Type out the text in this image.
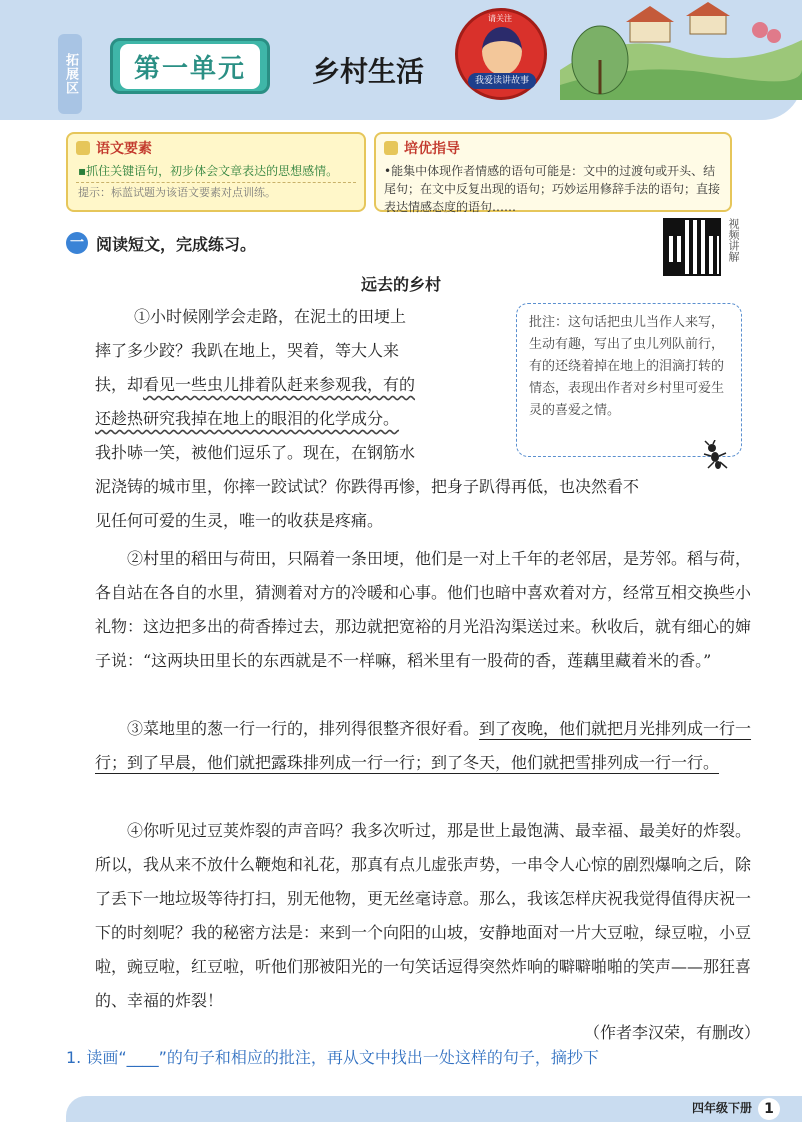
拓展区	第一单元	乡村生活
请关注
我爱读讲故事
语文要素
▪抓住关键语句，初步体会文章表达的思想感情。
提示：标蓝试题为该语文要素对点训练。
培优指导
•能集中体现作者情感的语句可能是：文中的过渡句或开头、结尾句；在文中反复出现的语句；巧妙运用修辞手法的语句；直接表达情感态度的语句……
一 阅读短文，完成练习。	视频讲解
远去的乡村
①小时候刚学会走路，在泥土的田埂上
摔了多少跤？我趴在地上，哭着，等大人来
扶，却看见一些虫儿排着队赶来参观我，有的
还趁热研究我掉在地上的眼泪的化学成分。
我扑哧一笑，被他们逗乐了。现在，在钢筋水
泥浇铸的城市里，你摔一跤试试？你跌得再惨，把身子趴得再低，也决然看不
见任何可爱的生灵，唯一的收获是疼痛。
批注：这句话把虫儿当作人来写，生动有趣，写出了虫儿列队前行，有的还绕着掉在地上的泪滴打转的情态，表现出作者对乡村里可爱生灵的喜爱之情。
②村里的稻田与荷田，只隔着一条田埂，他们是一对上千年的老邻居，是芳邻。稻与荷，各自站在各自的水里，猜测着对方的冷暖和心事。他们也暗中喜欢着对方，经常互相交换些小礼物：这边把多出的荷香捧过去，那边就把宽裕的月光沿沟渠送过来。秋收后，就有细心的婶子说：“这两块田里长的东西就是不一样嘛，稻米里有一股荷的香，莲藕里藏着米的香。”
③菜地里的葱一行一行的，排列得很整齐很好看。到了夜晚，他们就把月光排列成一行一行；到了早晨，他们就把露珠排列成一行一行；到了冬天，他们就把雪排列成一行一行。
④你听见过豆荚炸裂的声音吗？我多次听过，那是世上最饱满、最幸福、最美好的炸裂。所以，我从来不放什么鞭炮和礼花，那真有点儿虚张声势，一串令人心惊的剧烈爆响之后，除了丢下一地垃圾等待打扫，别无他物，更无丝毫诗意。那么，我该怎样庆祝我觉得值得庆祝一下的时刻呢？我的秘密方法是：来到一个向阳的山坡，安静地面对一片大豆啦，绿豆啦，小豆啦，豌豆啦，红豆啦，听他们那被阳光的一句笑话逗得突然炸响的噼噼啪啪的笑声——那狂喜的、幸福的炸裂！
（作者李汉荣，有删改）
1. 读画“____”的句子和相应的批注，再从文中找出一处这样的句子，摘抄下
四年级下册 1
